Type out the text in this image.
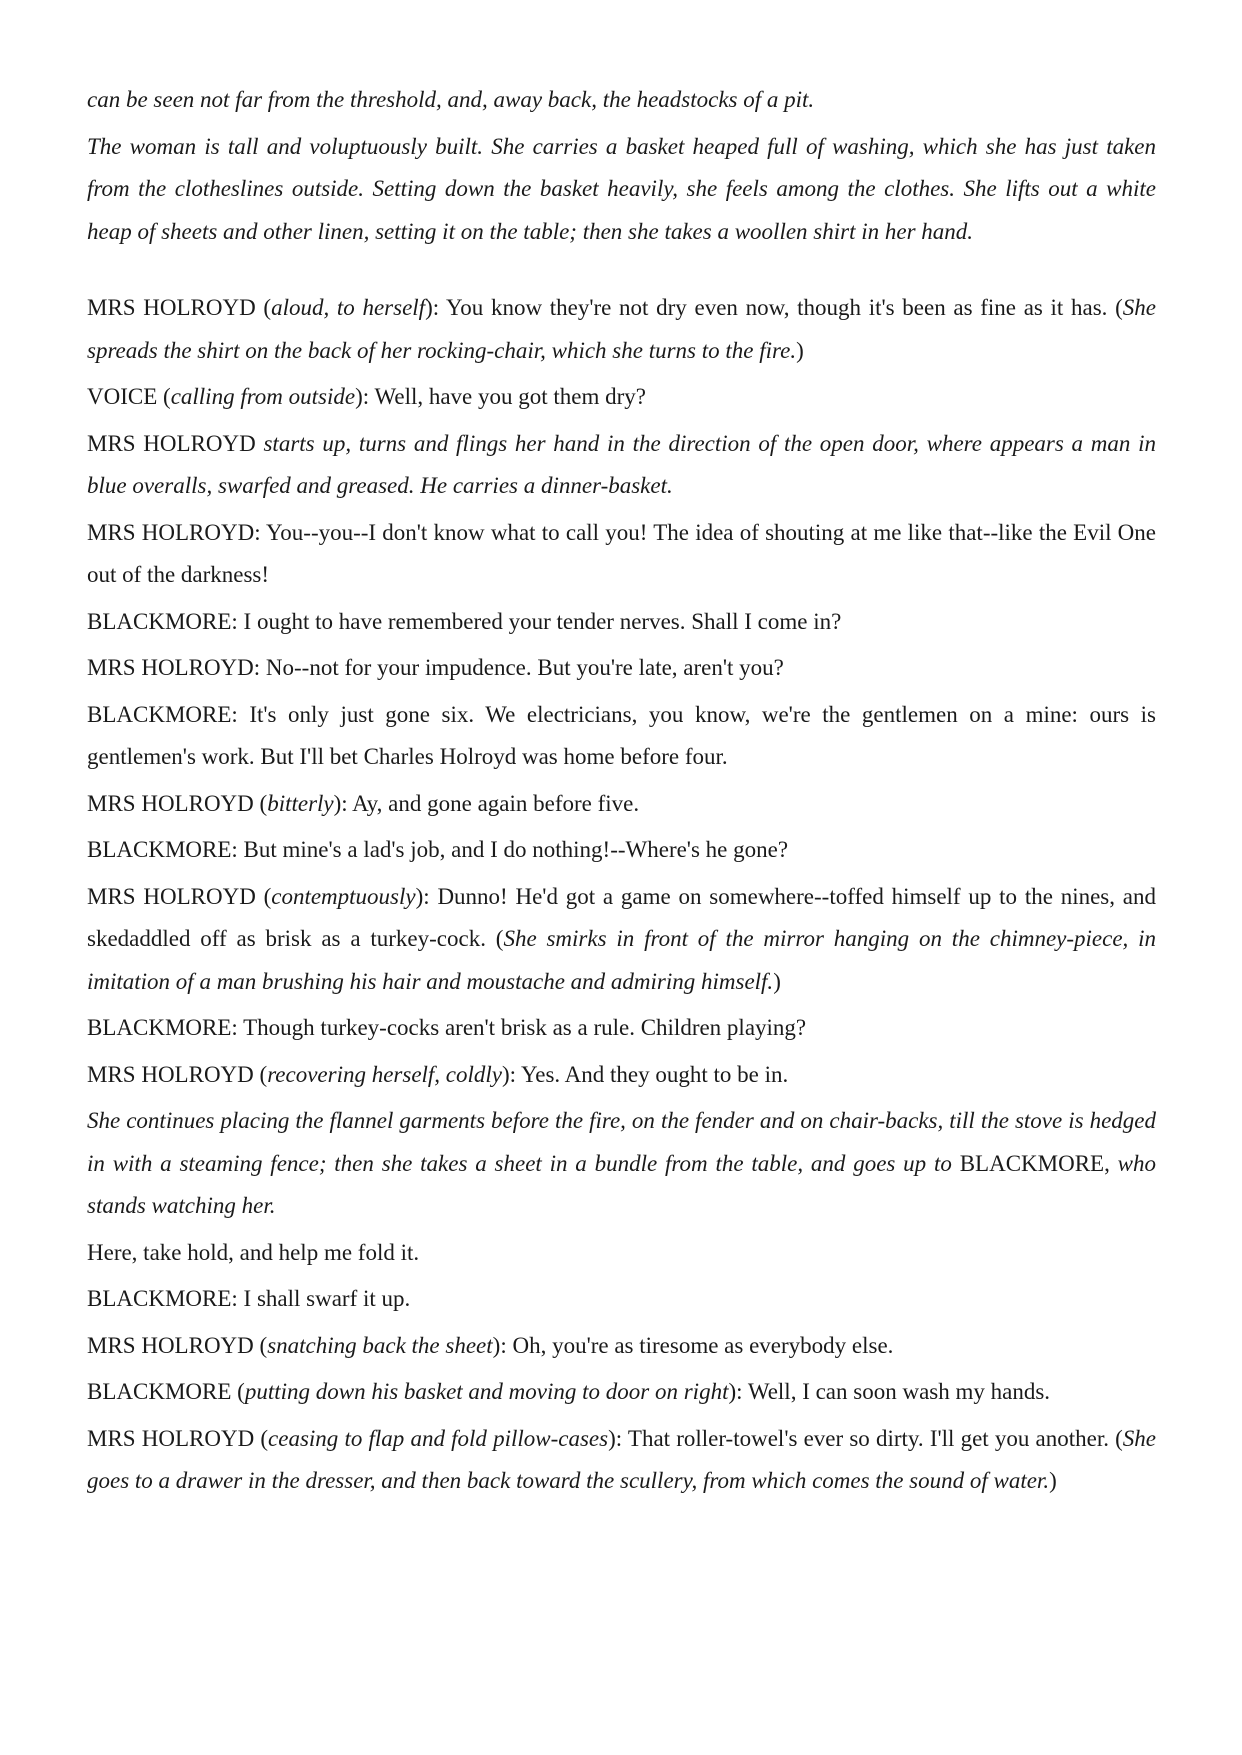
can be seen not far from the threshold, and, away back, the headstocks of a pit.

The woman is tall and voluptuously built. She carries a basket heaped full of washing, which she has just taken from the clotheslines outside. Setting down the basket heavily, she feels among the clothes. She lifts out a white heap of sheets and other linen, setting it on the table; then she takes a woollen shirt in her hand.

MRS HOLROYD (aloud, to herself): You know they're not dry even now, though it's been as fine as it has. (She spreads the shirt on the back of her rocking-chair, which she turns to the fire.)

VOICE (calling from outside): Well, have you got them dry?

MRS HOLROYD starts up, turns and flings her hand in the direction of the open door, where appears a man in blue overalls, swarfed and greased. He carries a dinner-basket.

MRS HOLROYD: You--you--I don't know what to call you! The idea of shouting at me like that--like the Evil One out of the darkness!

BLACKMORE: I ought to have remembered your tender nerves. Shall I come in?

MRS HOLROYD: No--not for your impudence. But you're late, aren't you?

BLACKMORE: It's only just gone six. We electricians, you know, we're the gentlemen on a mine: ours is gentlemen's work. But I'll bet Charles Holroyd was home before four.

MRS HOLROYD (bitterly): Ay, and gone again before five.

BLACKMORE: But mine's a lad's job, and I do nothing!--Where's he gone?

MRS HOLROYD (contemptuously): Dunno! He'd got a game on somewhere--toffed himself up to the nines, and skedaddled off as brisk as a turkey-cock. (She smirks in front of the mirror hanging on the chimney-piece, in imitation of a man brushing his hair and moustache and admiring himself.)

BLACKMORE: Though turkey-cocks aren't brisk as a rule. Children playing?

MRS HOLROYD (recovering herself, coldly): Yes. And they ought to be in.

She continues placing the flannel garments before the fire, on the fender and on chair-backs, till the stove is hedged in with a steaming fence; then she takes a sheet in a bundle from the table, and goes up to BLACKMORE, who stands watching her.

Here, take hold, and help me fold it.

BLACKMORE: I shall swarf it up.

MRS HOLROYD (snatching back the sheet): Oh, you're as tiresome as everybody else.

BLACKMORE (putting down his basket and moving to door on right): Well, I can soon wash my hands.

MRS HOLROYD (ceasing to flap and fold pillow-cases): That roller-towel's ever so dirty. I'll get you another. (She goes to a drawer in the dresser, and then back toward the scullery, from which comes the sound of water.)
